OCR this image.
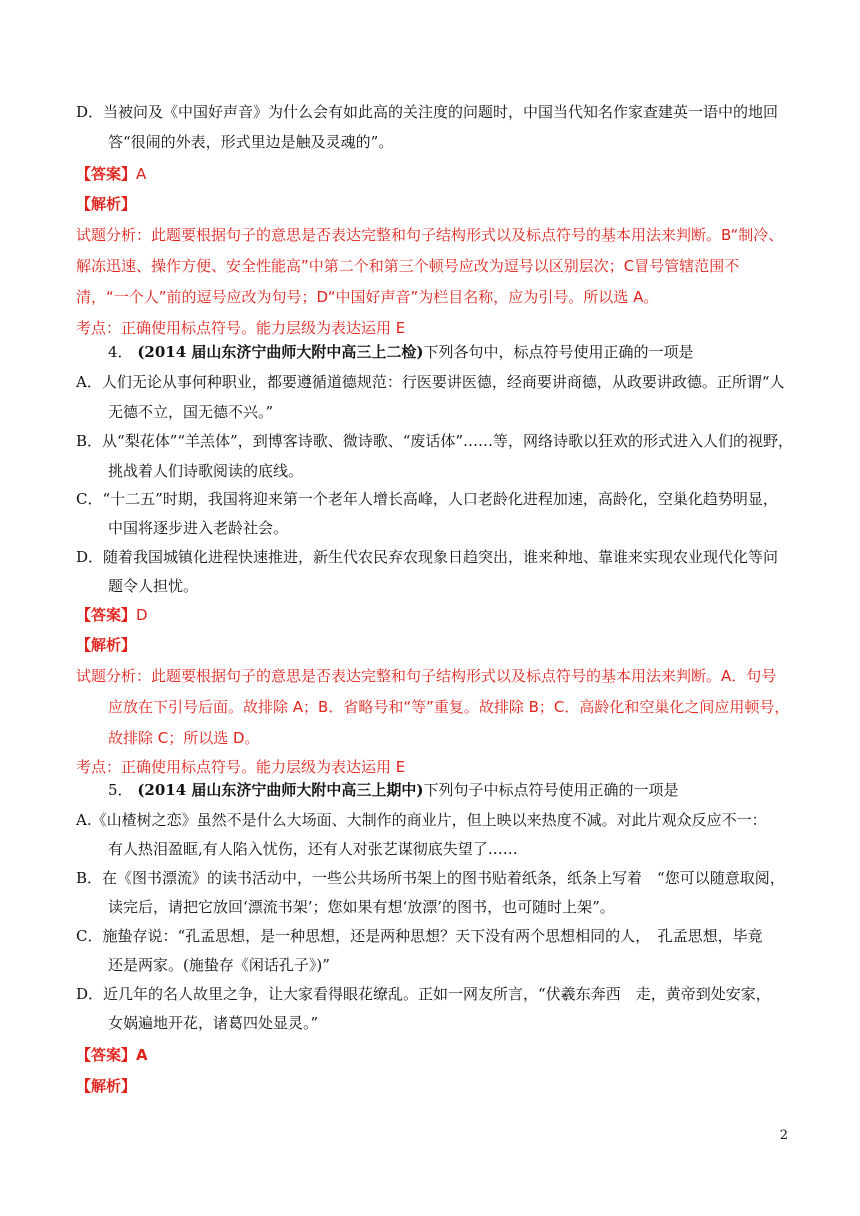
D．当被问及《中国好声音》为什么会有如此高的关注度的问题时，中国当代知名作家查建英一语中的地回
答“很闹的外表，形式里边是触及灵魂的”。
【答案】A
【解析】
试题分析：此题要根据句子的意思是否表达完整和句子结构形式以及标点符号的基本用法来判断。B“制冷、
解冻迅速、操作方便、安全性能高”中第二个和第三个顿号应改为逗号以区别层次；C冒号管辖范围不
清，“一个人”前的逗号应改为句号；D“中国好声音”为栏目名称，应为引号。所以选 A。
考点：正确使用标点符号。能力层级为表达运用 E
4． (2014 届山东济宁曲师大附中高三上二检)下列各句中，标点符号使用正确的一项是
A．人们无论从事何种职业，都要遵循道德规范：行医要讲医德，经商要讲商德，从政要讲政德。正所谓“人
无德不立，国无德不兴。”
B．从“梨花体”“羊羔体”，到博客诗歌、微诗歌、“废话体”……等，网络诗歌以狂欢的形式进入人们的视野，
挑战着人们诗歌阅读的底线。
C．“十二五”时期，我国将迎来第一个老年人增长高峰，人口老龄化进程加速，高龄化，空巢化趋势明显，
中国将逐步进入老龄社会。
D．随着我国城镇化进程快速推进，新生代农民弃农现象日趋突出，谁来种地、靠谁来实现农业现代化等问
题令人担忧。
【答案】D
【解析】
试题分析：此题要根据句子的意思是否表达完整和句子结构形式以及标点符号的基本用法来判断。A．句号
应放在下引号后面。故排除 A；B．省略号和“等”重复。故排除 B；C．高龄化和空巢化之间应用顿号，
故排除 C；所以选 D。
考点：正确使用标点符号。能力层级为表达运用 E
5． (2014 届山东济宁曲师大附中高三上期中)下列句子中标点符号使用正确的一项是
A.《山楂树之恋》虽然不是什么大场面、大制作的商业片，但上映以来热度不减。对此片观众反应不一：
有人热泪盈眶,有人陷入忧伤，还有人对张艺谋彻底失望了……
B．在《图书漂流》的读书活动中，一些公共场所书架上的图书贴着纸条，纸条上写着　“您可以随意取阅，
读完后，请把它放回‘漂流书架’；您如果有想‘放漂’的图书，也可随时上架”。
C．施蛰存说：“孔孟思想，是一种思想，还是两种思想？天下没有两个思想相同的人，　孔孟思想，毕竟
还是两家。(施蛰存《闲话孔子》)”
D．近几年的名人故里之争，让大家看得眼花缭乱。正如一网友所言，“伏羲东奔西　走，黄帝到处安家，
女娲遍地开花，诸葛四处显灵。”
【答案】A
【解析】
2
